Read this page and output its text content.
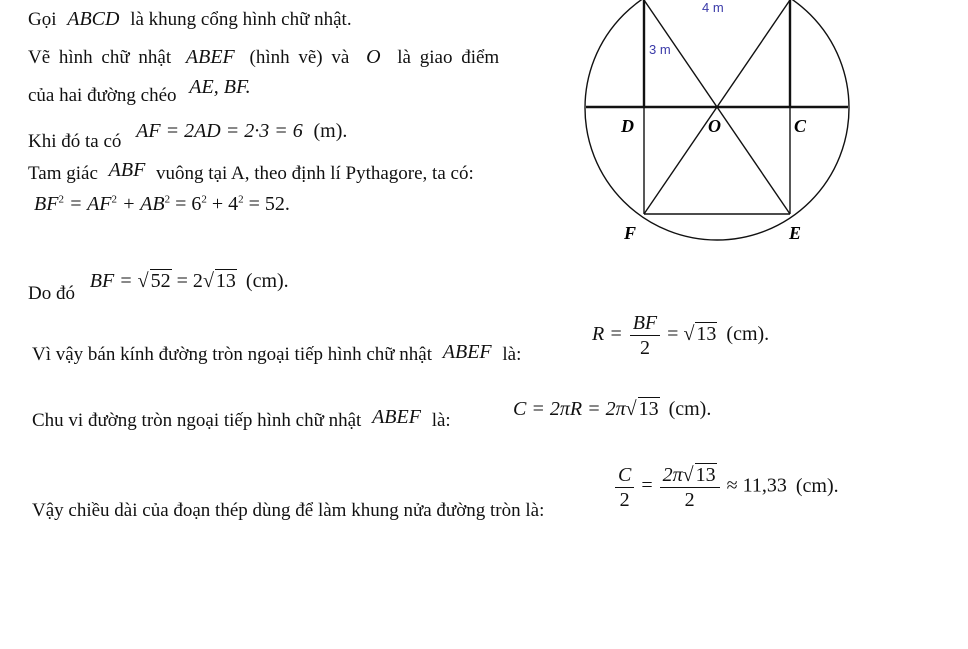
Gọi ABCD là khung cổng hình chữ nhật.
Vẽ hình chữ nhật ABEF (hình vẽ) và O là giao điểm
của hai đường chéo AE, BF.
Khi đó ta có AF = 2AD = 2·3 = 6 (m).
Tam giác ABF vuông tại A, theo định lí Pythagore, ta có:
$BF^2 = AF^2 + AB^2 = 6^2 + 4^2 = 52$.
Do đó BF = √ 52 = 2√ 13 (cm).
Vì vậy bán kính đường tròn ngoại tiếp hình chữ nhật ABEF là:
$R = \frac{BF}{2}$ = √ 13 (cm).
Chu vi đường tròn ngoại tiếp hình chữ nhật ABEF là:
C = 2πR = 2π√ 13 (cm).
Vậy chiều dài của đoạn thép dùng để làm khung nửa đường tròn là:	$\frac{C}{2} = \frac{2\pi√ 13}{2} \approx 11,33$ (cm).
4 m
3 m
D	O	C
F	E
